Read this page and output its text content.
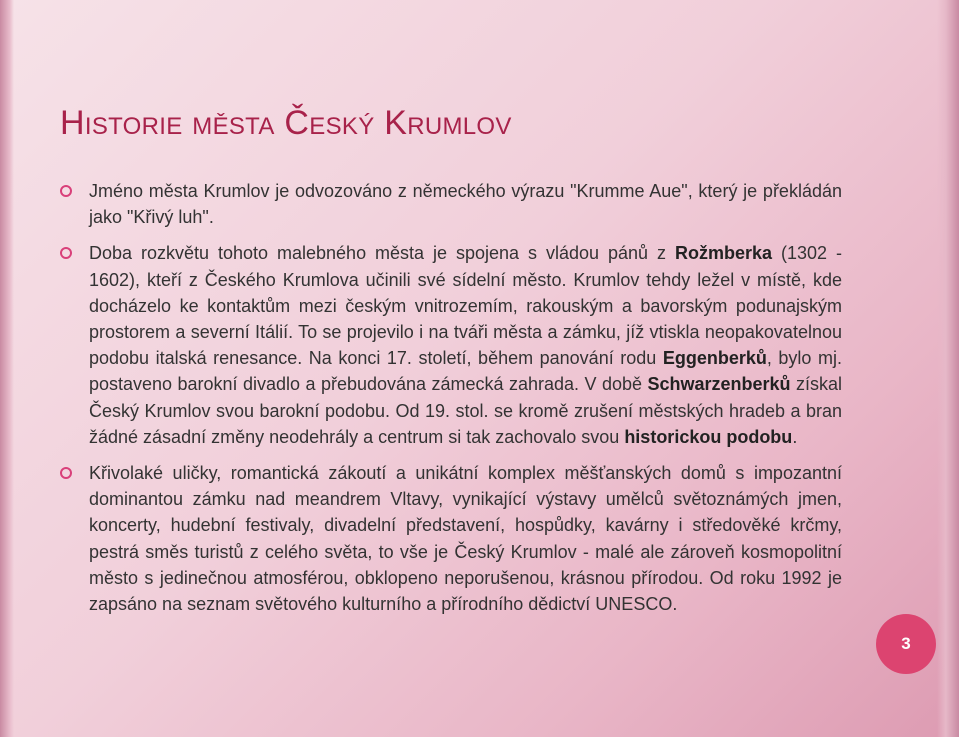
Historie města Český Krumlov
Jméno města Krumlov je odvozováno z německého výrazu "Krumme Aue", který je překládán jako "Křivý luh".
Doba rozkvětu tohoto malebného města je spojena s vládou pánů z Rožmberka (1302 - 1602), kteří z Českého Krumlova učinili své sídelní město. Krumlov tehdy ležel v místě, kde docházelo ke kontaktům mezi českým vnitrozemím, rakouským a bavorským podunajským prostorem a severní Itálií. To se projevilo i na tváři města a zámku, jíž vtiskla neopakovatelnou podobu italská renesance. Na konci 17. století, během panování rodu Eggenberků, bylo mj. postaveno barokní divadlo a přebudována zámecká zahrada. V době Schwarzenberků získal Český Krumlov svou barokní podobu. Od 19. stol. se kromě zrušení městských hradeb a bran žádné zásadní změny neodehrály a centrum si tak zachovalo svou historickou podobu.
Křivolaké uličky, romantická zákoutí a unikátní komplex měšťanských domů s impozantní dominantou zámku nad meandrem Vltavy, vynikající výstavy umělců světoznámých jmen, koncerty, hudební festivaly, divadelní představení, hospůdky, kavárny i středověké krčmy, pestrá směs turistů z celého světa, to vše je Český Krumlov - malé ale zároveň kosmopolitní město s jedinečnou atmosférou, obklopeno neporušenou, krásnou přírodou. Od roku 1992 je zapsáno na seznam světového kulturního a přírodního dědictví UNESCO.
3
